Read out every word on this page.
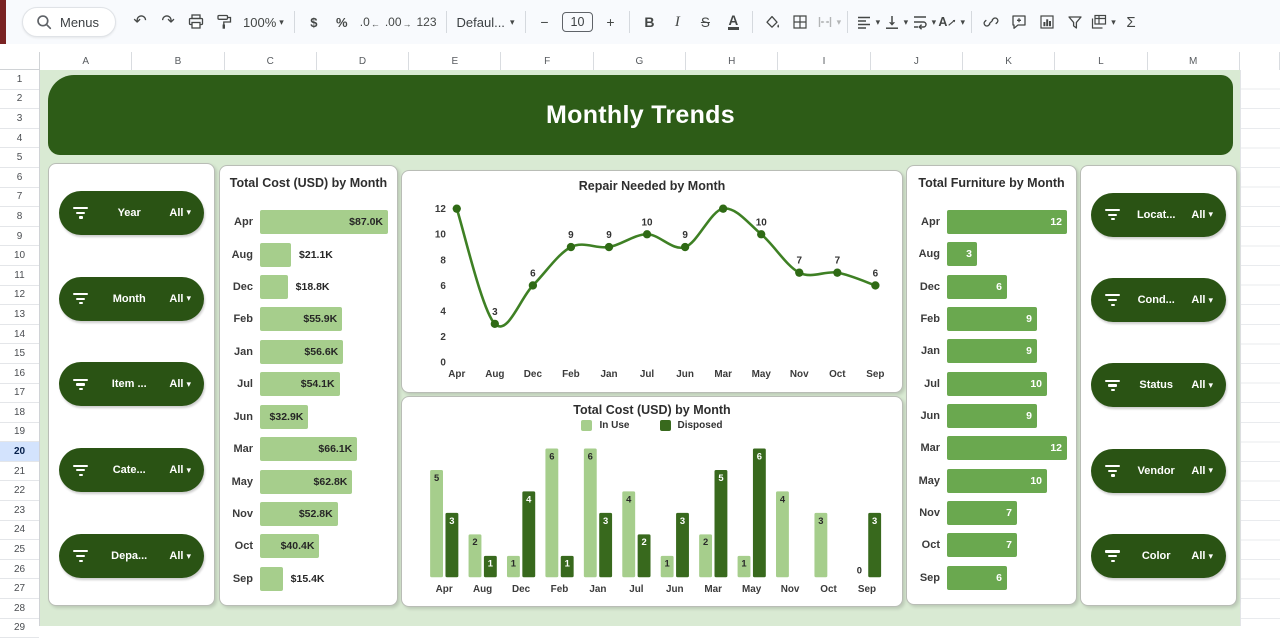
Menus	↶ ↷	100% ▾	$	%	.0 ← .00 → 123 Defaul... ▾	−	10	+	B	I	S	A	▾	▾	▾	▾ A ▾	▾ Σ
A	B	C	D	E	F	G	H	I	J	K	L	M
1
2
3
4
5
6
7
8
9
10
11
12
13
14
15
16
17
18
19
20
21
22
23
24
25
26
27
28
29
Monthly Trends
Year	All ▾
Month	All ▾
Item ...	All ▾
Cate...	All ▾
Depa...	All ▾
Total Cost (USD) by Month
Apr	$87.0K
Aug	$21.1K
Dec	$18.8K
Feb	$55.9K
Jan	$56.6K
Jul	$54.1K
Jun	$32.9K
Mar	$66.1K
May	$62.8K
Nov	$52.8K
Oct	$40.4K
Sep	$15.4K
Repair Needed by Month
0
2
4
6
8
10
12
Apr
3
Aug
6
Dec
9
Feb
9
Jan
10
Jul
9
Jun Mar
10
May
7
Nov
7
Oct
6
Sep
Total Cost (USD) by Month
In Use	Disposed
5
3
Apr
2
1
Aug
1
4
Dec
6
1
Feb
6
3
Jan
4
2
Jul
1
3
Jun
2
5
Mar
1
6
May
4
Nov
3
Oct
0
3
Sep
Total Furniture by Month
Apr	12
Aug	3
Dec	6
Feb	9
Jan	9
Jul	10
Jun	9
Mar	12
May	10
Nov	7
Oct	7
Sep	6
Locat...	All ▾
Cond...	All ▾
Status	All ▾
Vendor	All ▾
Color	All ▾
